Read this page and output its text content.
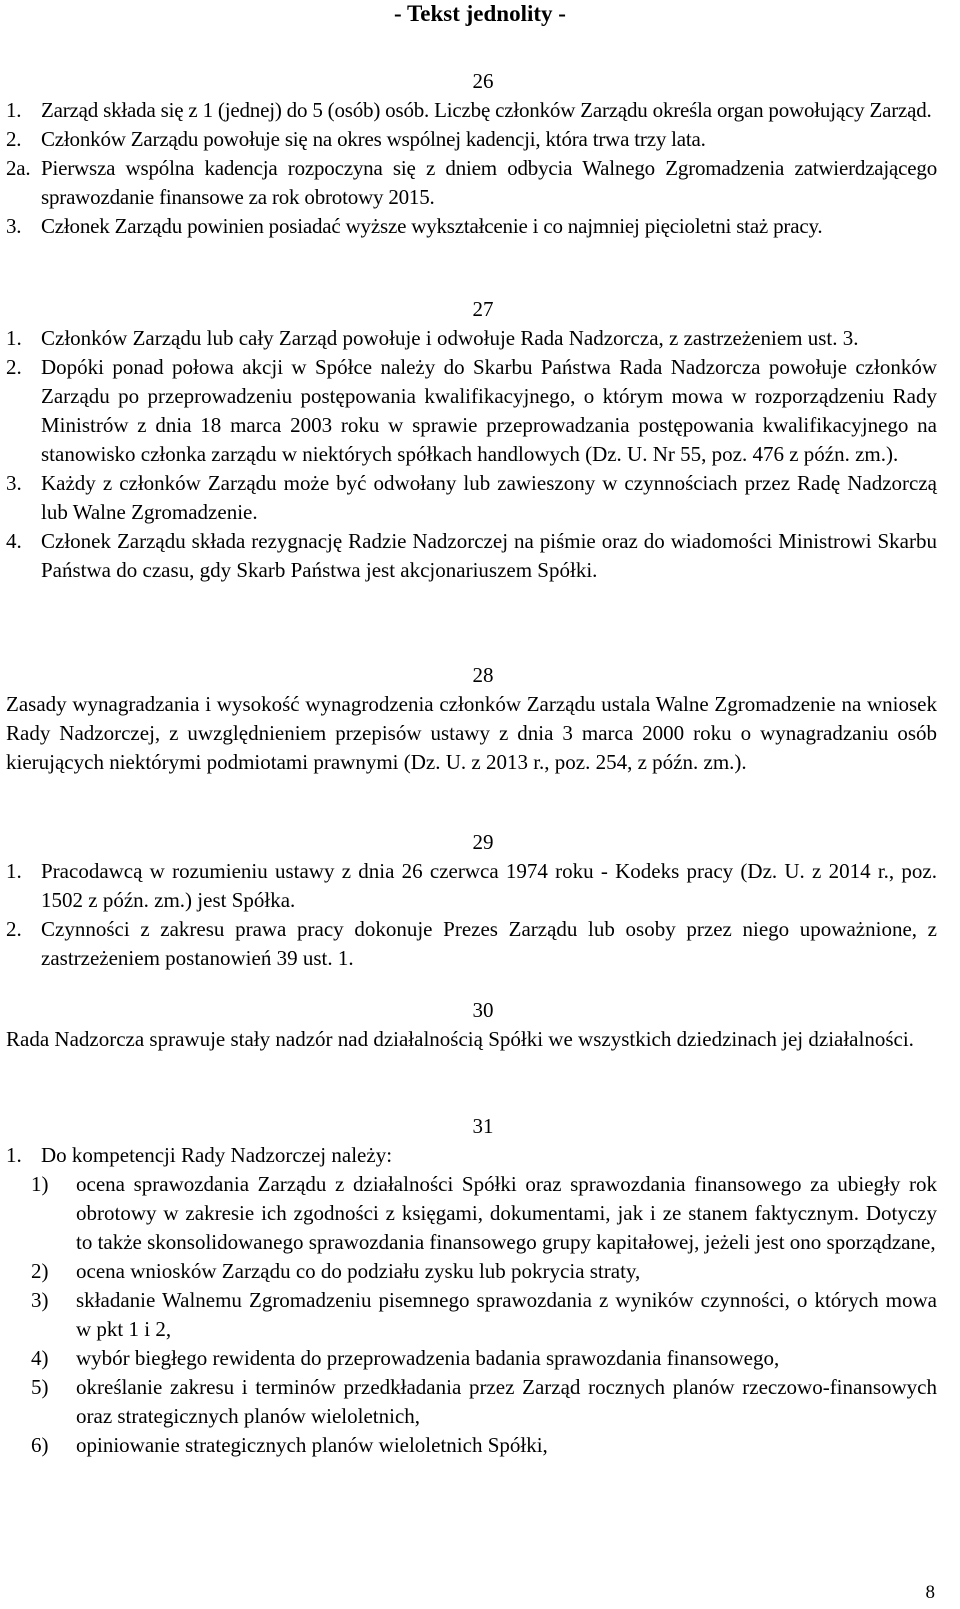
- Tekst jednolity -
26
1. Zarząd składa się z 1 (jednej) do 5 (osób) osób. Liczbę członków Zarządu określa organ powołujący Zarząd.
2. Członków Zarządu powołuje się na okres wspólnej kadencji, która trwa trzy lata.
2a. Pierwsza wspólna kadencja rozpoczyna się z dniem odbycia Walnego Zgromadzenia zatwierdzającego sprawozdanie finansowe za rok obrotowy 2015.
3. Członek Zarządu powinien posiadać wyższe wykształcenie i co najmniej pięcioletni staż pracy.
27
1. Członków Zarządu lub cały Zarząd powołuje i odwołuje Rada Nadzorcza, z zastrzeżeniem ust. 3.
2. Dopóki ponad połowa akcji w Spółce należy do Skarbu Państwa Rada Nadzorcza powołuje członków Zarządu po przeprowadzeniu postępowania kwalifikacyjnego, o którym mowa w rozporządzeniu Rady Ministrów z dnia 18 marca 2003 roku w sprawie przeprowadzania postępowania kwalifikacyjnego na stanowisko członka zarządu w niektórych spółkach handlowych (Dz. U. Nr 55, poz. 476 z późn. zm.).
3. Każdy z członków Zarządu może być odwołany lub zawieszony w czynnościach przez Radę Nadzorczą lub Walne Zgromadzenie.
4. Członek Zarządu składa rezygnację Radzie Nadzorczej na piśmie oraz do wiadomości Ministrowi Skarbu Państwa do czasu, gdy Skarb Państwa jest akcjonariuszem Spółki.
28
Zasady wynagradzania i wysokość wynagrodzenia członków Zarządu ustala Walne Zgromadzenie na wniosek Rady Nadzorczej, z uwzględnieniem przepisów ustawy z dnia 3 marca 2000 roku o wynagradzaniu osób kierujących niektórymi podmiotami prawnymi (Dz. U. z 2013 r., poz. 254, z późn. zm.).
29
1. Pracodawcą w rozumieniu ustawy z dnia 26 czerwca 1974 roku - Kodeks pracy (Dz. U. z 2014 r., poz. 1502 z późn. zm.) jest Spółka.
2. Czynności z zakresu prawa pracy dokonuje Prezes Zarządu lub osoby przez niego upoważnione, z zastrzeżeniem postanowień 39 ust. 1.
30
Rada Nadzorcza sprawuje stały nadzór nad działalnością Spółki we wszystkich dziedzinach jej działalności.
31
1. Do kompetencji Rady Nadzorczej należy:
1) ocena sprawozdania Zarządu z działalności Spółki oraz sprawozdania finansowego za ubiegły rok obrotowy w zakresie ich zgodności z księgami, dokumentami, jak i ze stanem faktycznym. Dotyczy to także skonsolidowanego sprawozdania finansowego grupy kapitałowej, jeżeli jest ono sporządzane,
2) ocena wniosków Zarządu co do podziału zysku lub pokrycia straty,
3) składanie Walnemu Zgromadzeniu pisemnego sprawozdania z wyników czynności, o których mowa w pkt 1 i 2,
4) wybór biegłego rewidenta do przeprowadzenia badania sprawozdania finansowego,
5) określanie zakresu i terminów przedkładania przez Zarząd rocznych planów rzeczowo-finansowych oraz strategicznych planów wieloletnich,
6) opiniowanie strategicznych planów wieloletnich Spółki,
8
